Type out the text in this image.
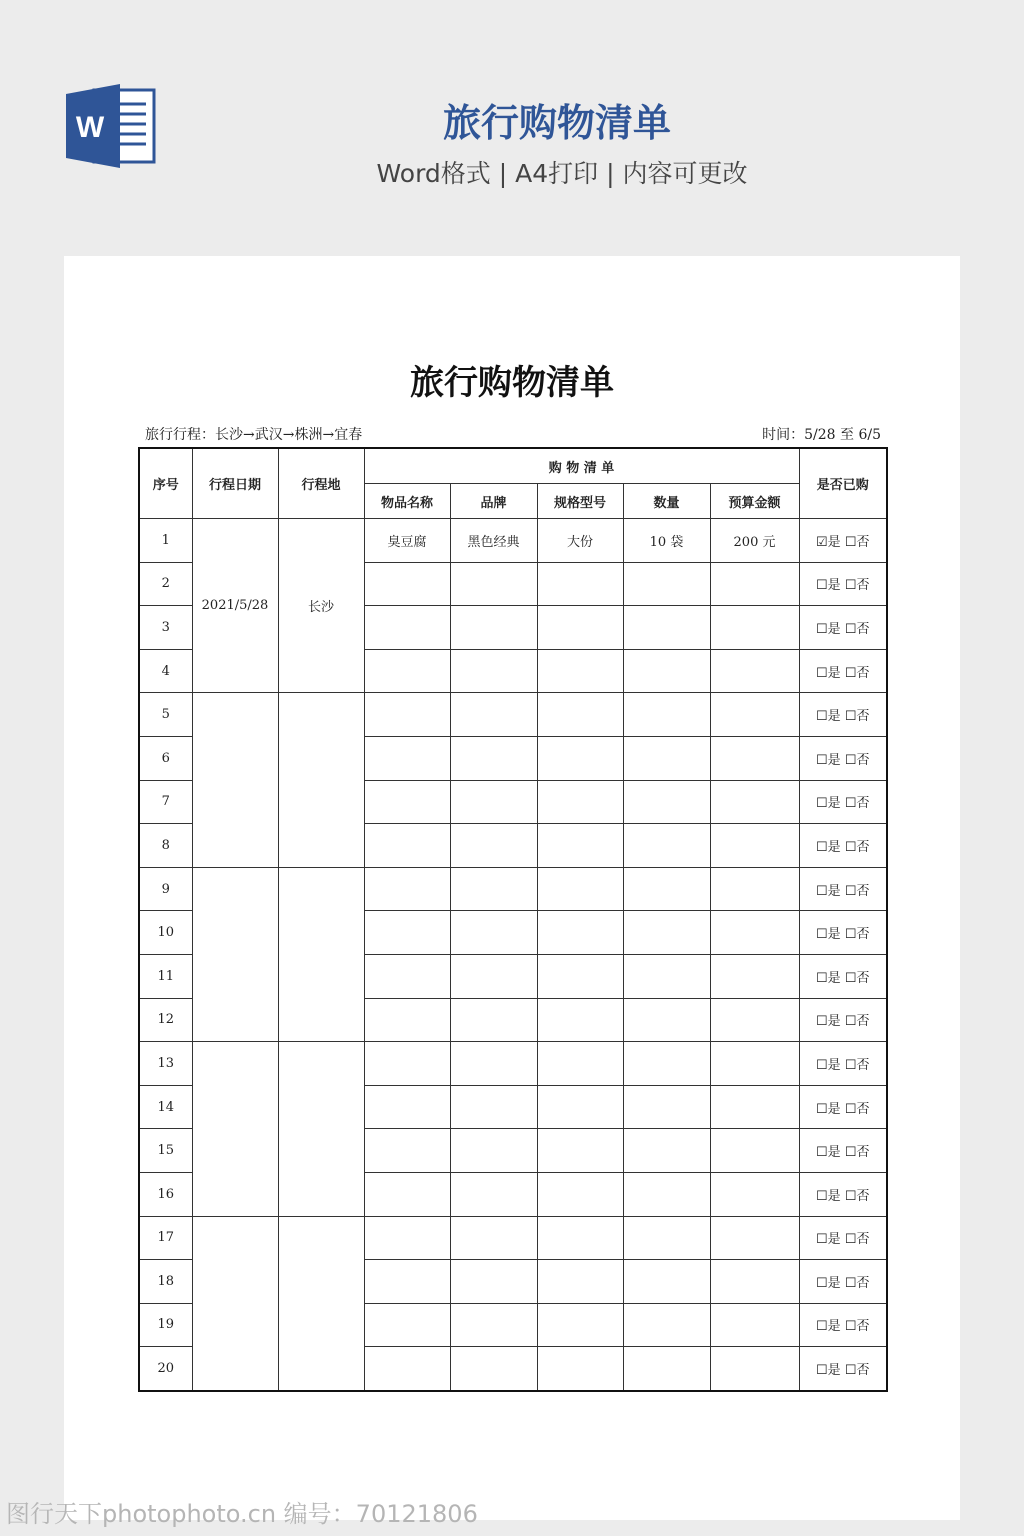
W	旅行购物清单
Word格式 | A4打印 | 内容可更改
旅行购物清单
旅行行程：长沙→武汉→株洲→宜春	时间：5/28 至 6/5
序号	行程日期	行程地	购 物 清 单					是否已购
			物品名称	品牌	规格型号	数量	预算金额	
1	2021/5/28	长沙	臭豆腐	黑色经典	大份	10 袋	200 元	☑是 ☐否
2								☐是 ☐否
3								☐是 ☐否
4								☐是 ☐否
5								☐是 ☐否
6								☐是 ☐否
7								☐是 ☐否
8								☐是 ☐否
9								☐是 ☐否
10								☐是 ☐否
11								☐是 ☐否
12								☐是 ☐否
13								☐是 ☐否
14								☐是 ☐否
15								☐是 ☐否
16								☐是 ☐否
17								☐是 ☐否
18								☐是 ☐否
19								☐是 ☐否
20								☐是 ☐否
图行天下photophoto.cn 编号：70121806
